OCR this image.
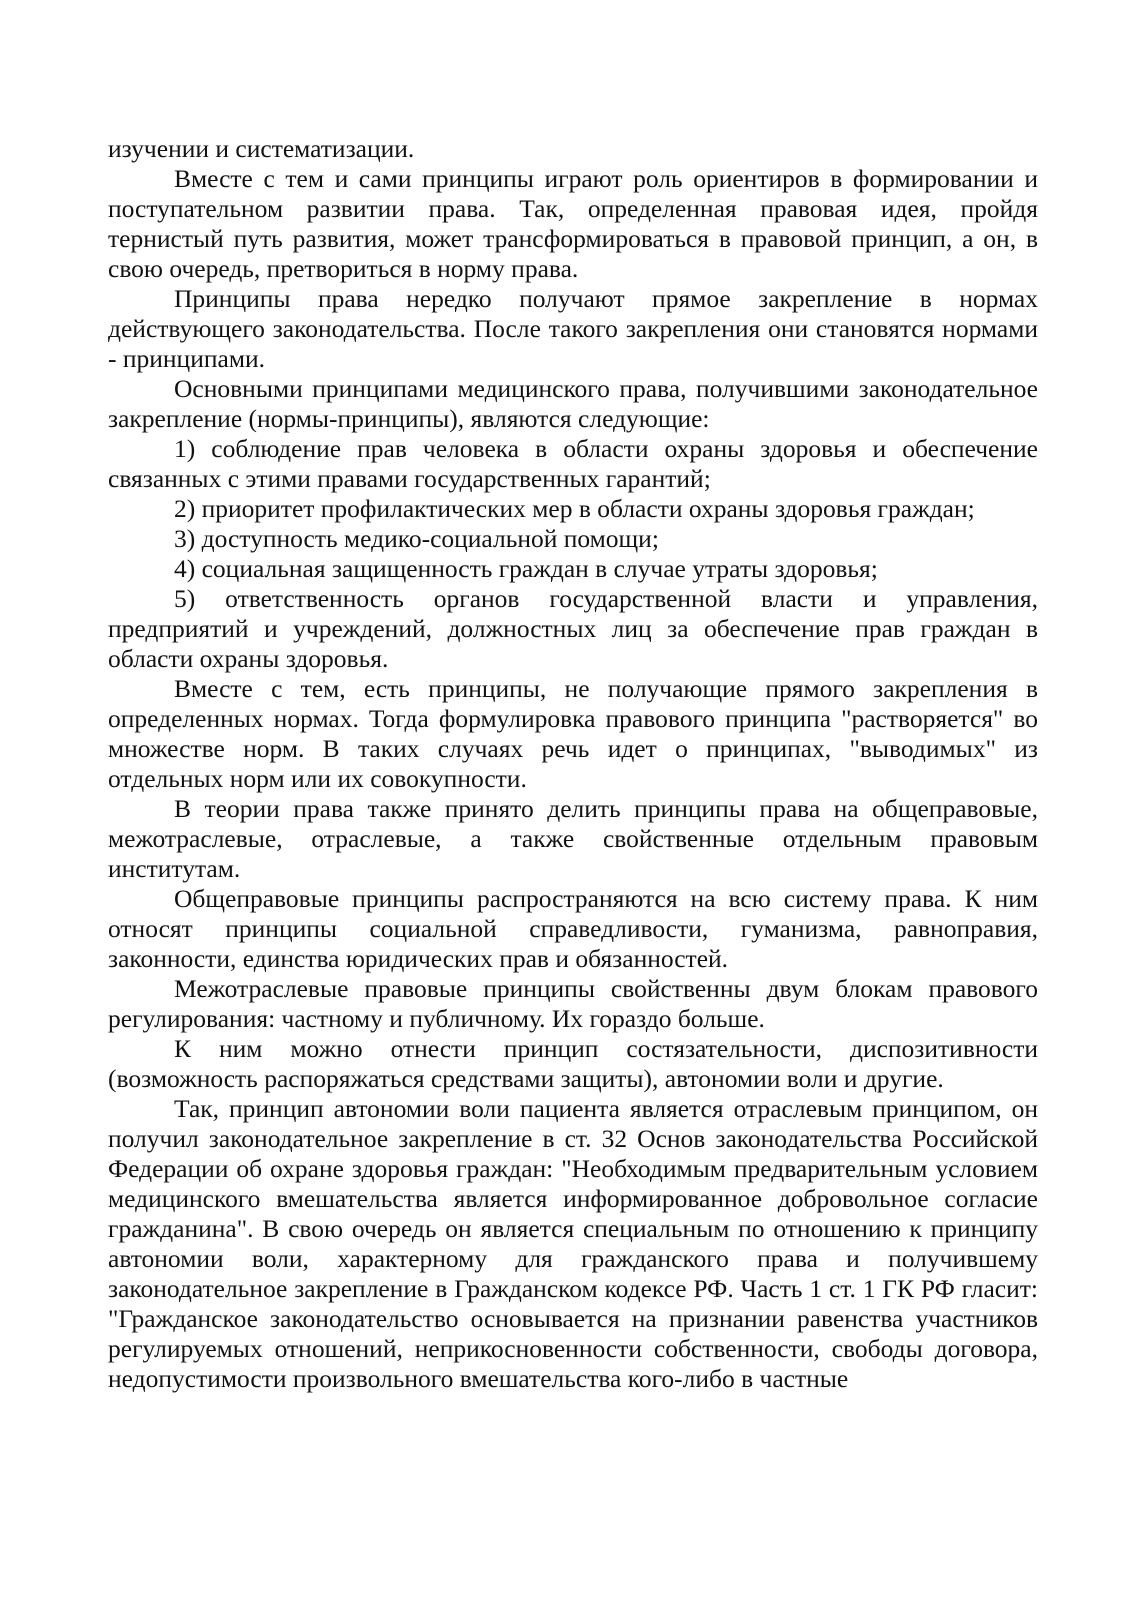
изучении и систематизации.

Вместе с тем и сами принципы играют роль ориентиров в формировании и поступательном развитии права. Так, определенная правовая идея, пройдя тернистый путь развития, может трансформироваться в правовой принцип, а он, в свою очередь, претвориться в норму права.

Принципы права нередко получают прямое закрепление в нормах действующего законодательства. После такого закрепления они становятся нормами - принципами.

Основными принципами медицинского права, получившими законодательное закрепление (нормы-принципы), являются следующие:

1) соблюдение прав человека в области охраны здоровья и обеспечение связанных с этими правами государственных гарантий;

2) приоритет профилактических мер в области охраны здоровья граждан;

3) доступность медико-социальной помощи;

4) социальная защищенность граждан в случае утраты здоровья;

5) ответственность органов государственной власти и управления, предприятий и учреждений, должностных лиц за обеспечение прав граждан в области охраны здоровья.

Вместе с тем, есть принципы, не получающие прямого закрепления в определенных нормах. Тогда формулировка правового принципа "растворяется" во множестве норм. В таких случаях речь идет о принципах, "выводимых" из отдельных норм или их совокупности.

В теории права также принято делить принципы права на общеправовые, межотраслевые, отраслевые, а также свойственные отдельным правовым институтам.

Общеправовые принципы распространяются на всю систему права. К ним относят принципы социальной справедливости, гуманизма, равноправия, законности, единства юридических прав и обязанностей.

Межотраслевые правовые принципы свойственны двум блокам правового регулирования: частному и публичному. Их гораздо больше.

К ним можно отнести принцип состязательности, диспозитивности (возможность распоряжаться средствами защиты), автономии воли и другие.

Так, принцип автономии воли пациента является отраслевым принципом, он получил законодательное закрепление в ст. 32 Основ законодательства Российской Федерации об охране здоровья граждан: "Необходимым предварительным условием медицинского вмешательства является информированное добровольное согласие гражданина". В свою очередь он является специальным по отношению к принципу автономии воли, характерному для гражданского права и получившему законодательное закрепление в Гражданском кодексе РФ. Часть 1 ст. 1 ГК РФ гласит: "Гражданское законодательство основывается на признании равенства участников регулируемых отношений, неприкосновенности собственности, свободы договора, недопустимости произвольного вмешательства кого-либо в частные
